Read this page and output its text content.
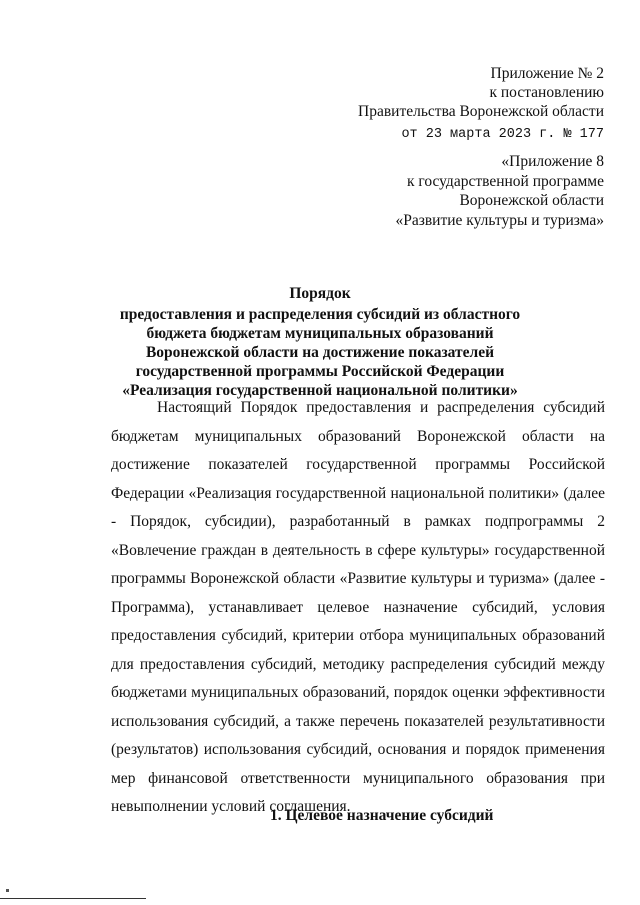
Приложение № 2
к постановлению
Правительства Воронежской области
от 23 марта 2023 г. № 177
«Приложение 8
к государственной программе
Воронежской области
«Развитие культуры и туризма»
Порядок
предоставления и распределения субсидий из областного бюджета бюджетам муниципальных образований Воронежской области на достижение показателей государственной программы Российской Федерации «Реализация государственной национальной политики»
Настоящий Порядок предоставления и распределения субсидий бюджетам муниципальных образований Воронежской области на достижение показателей государственной программы Российской Федерации «Реализация государственной национальной политики» (далее - Порядок, субсидии), разработанный в рамках подпрограммы 2 «Вовлечение граждан в деятельность в сфере культуры» государственной программы Воронежской области «Развитие культуры и туризма» (далее - Программа), устанавливает целевое назначение субсидий, условия предоставления субсидий, критерии отбора муниципальных образований для предоставления субсидий, методику распределения субсидий между бюджетами муниципальных образований, порядок оценки эффективности использования субсидий, а также перечень показателей результативности (результатов) использования субсидий, основания и порядок применения мер финансовой ответственности муниципального образования при невыполнении условий соглашения.
1. Целевое назначение субсидий
